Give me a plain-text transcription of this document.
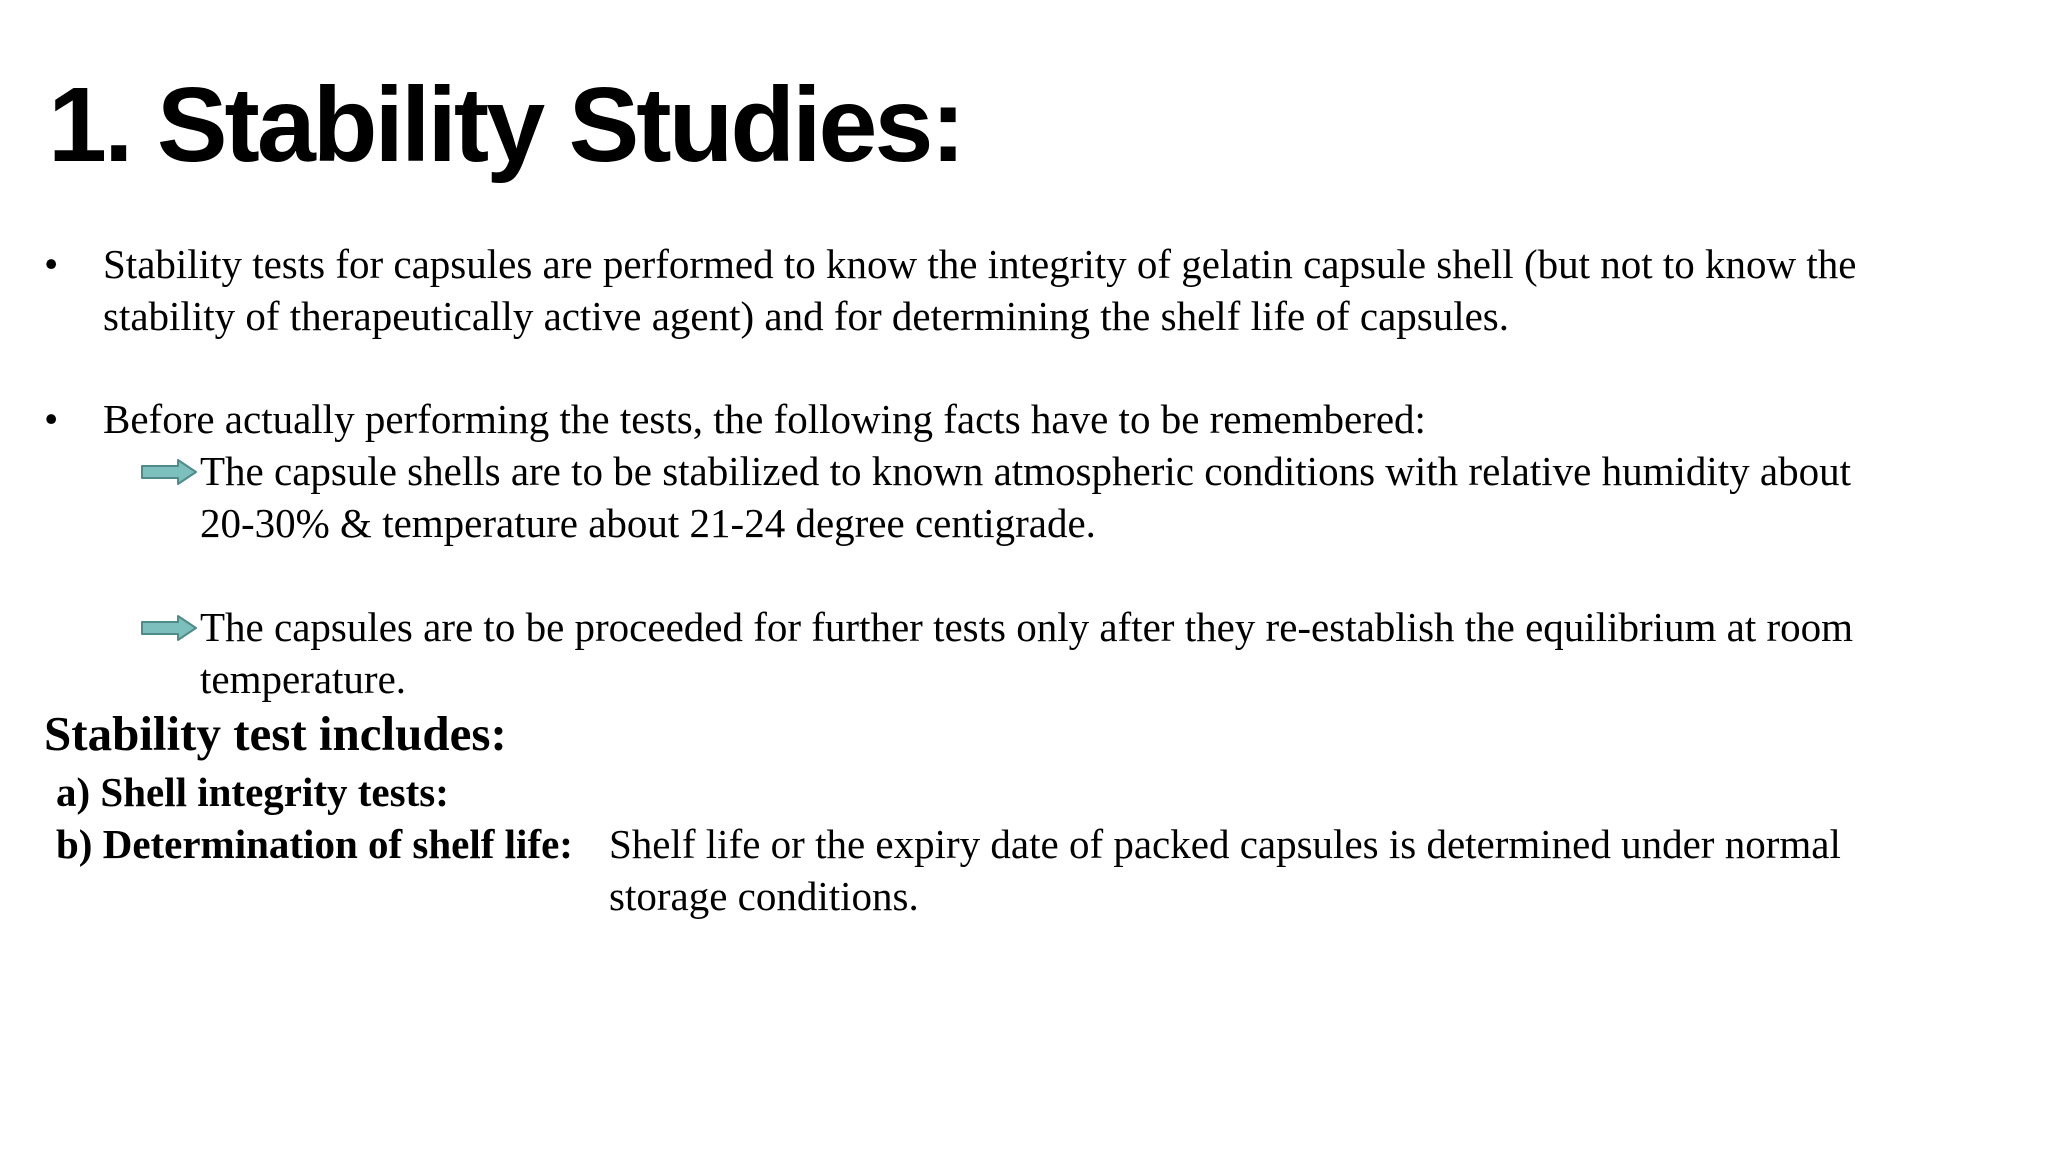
1. Stability Studies:
•	Stability tests for capsules are performed to know the integrity of gelatin capsule shell (but not to know the stability of therapeutically active agent) and for determining the shelf life of capsules.
•	Before actually performing the tests, the following facts have to be remembered:
The capsule shells are to be stabilized to known atmospheric conditions with relative humidity about 20-30% & temperature about 21-24 degree centigrade.
The capsules are to be proceeded for further tests only after they re-establish the equilibrium at room temperature.
Stability test includes:
a) Shell integrity tests:
b) Determination of shelf life: Shelf life or the expiry date of packed capsules is determined under normal storage conditions.
